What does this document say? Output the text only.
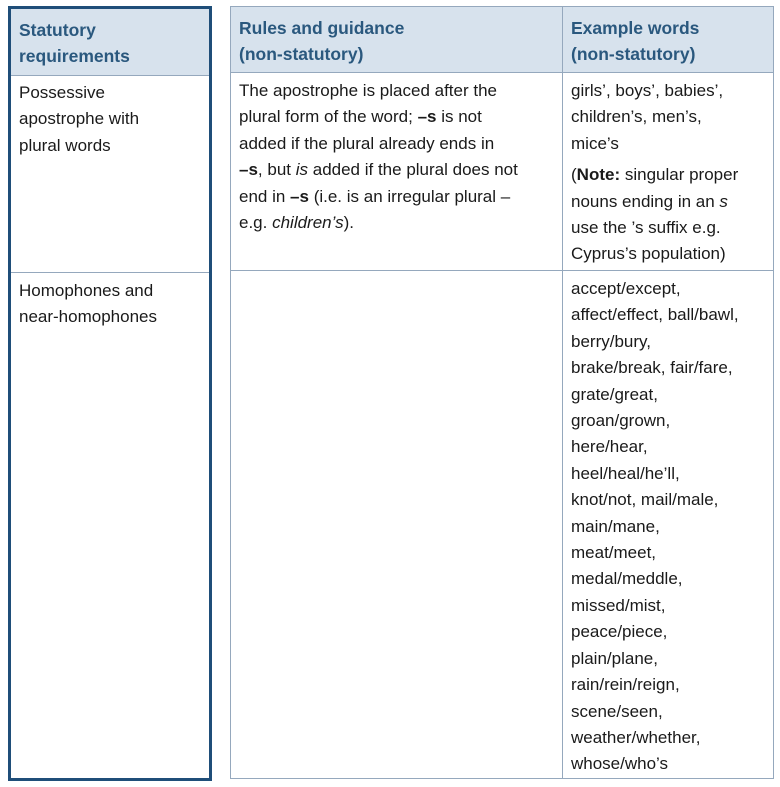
Statutory
requirements
Possessive
apostrophe with
plural words
Homophones and
near-homophones
Rules and guidance
(non-statutory)
Example words
(non-statutory)
The apostrophe is placed after the
plural form of the word; –s is not
added if the plural already ends in
–s, but is added if the plural does not
end in –s (i.e. is an irregular plural –
e.g. children’s).
girls’, boys’, babies’,
children’s, men’s,
mice’s
(Note: singular proper
nouns ending in an s
use the ’s suffix e.g.
Cyprus’s population)
accept/except,
affect/effect, ball/bawl,
berry/bury,
brake/break, fair/fare,
grate/great,
groan/grown,
here/hear,
heel/heal/he’ll,
knot/not, mail/male,
main/mane,
meat/meet,
medal/meddle,
missed/mist,
peace/piece,
plain/plane,
rain/rein/reign,
scene/seen,
weather/whether,
whose/who’s
